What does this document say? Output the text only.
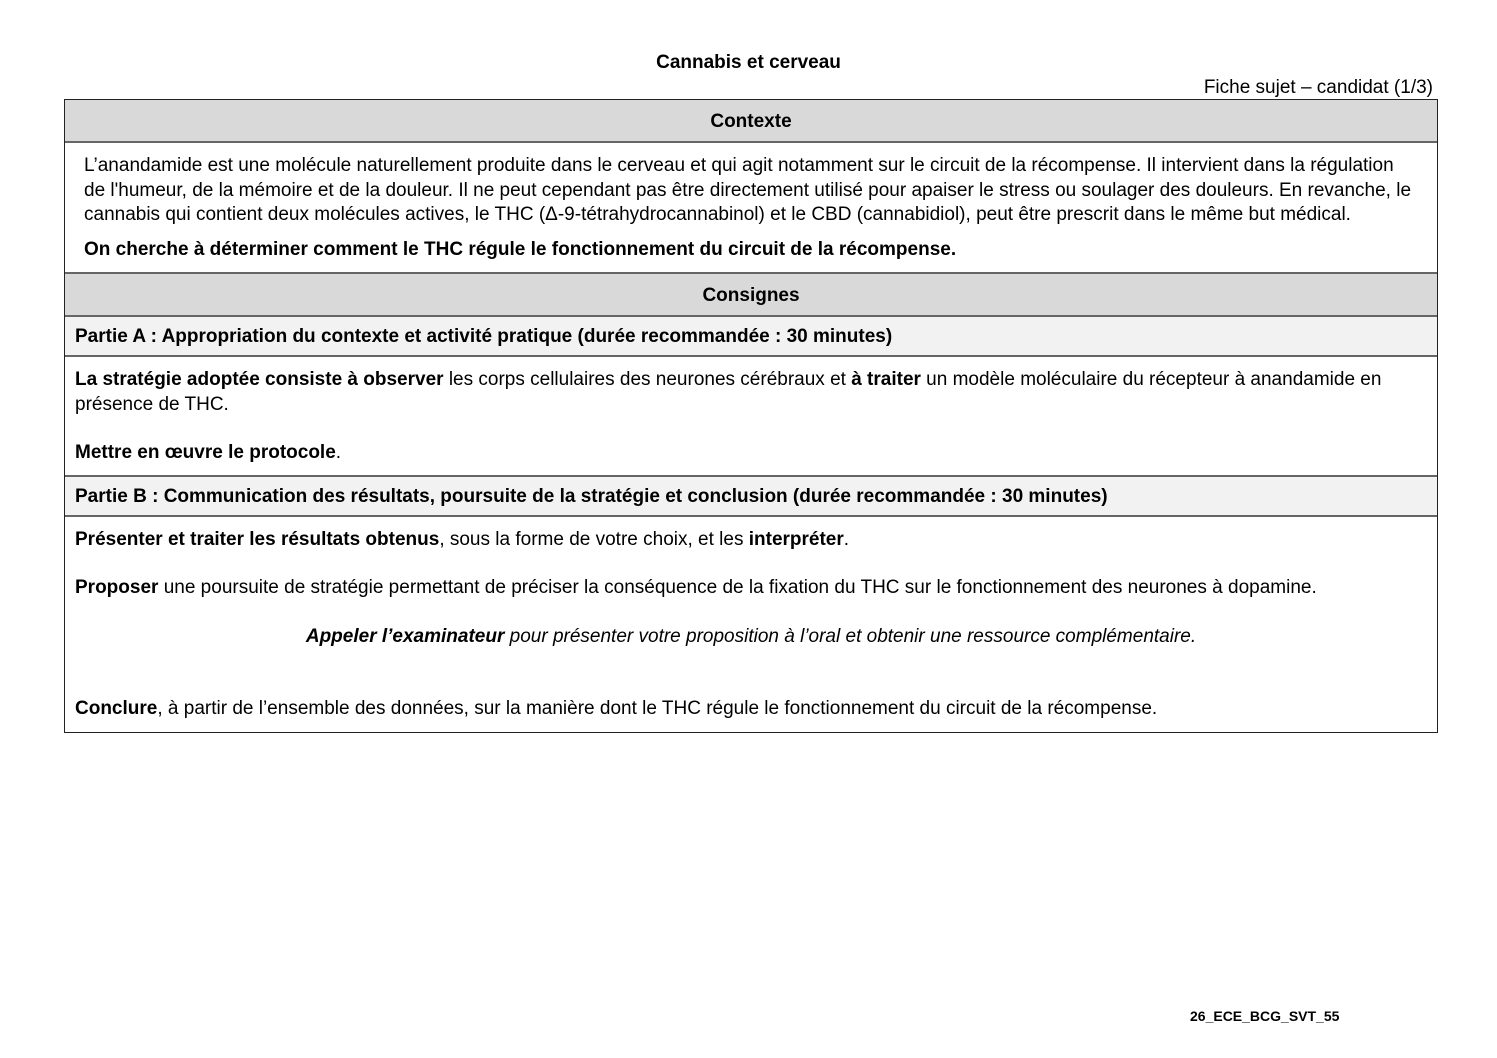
Cannabis et cerveau
Fiche sujet – candidat (1/3)
Contexte

L’anandamide est une molécule naturellement produite dans le cerveau et qui agit notamment sur le circuit de la récompense. Il intervient dans la régulation de l'humeur, de la mémoire et de la douleur. Il ne peut cependant pas être directement utilisé pour apaiser le stress ou soulager des douleurs. En revanche, le cannabis qui contient deux molécules actives, le THC (Δ-9-tétrahydrocannabinol) et le CBD (cannabidiol), peut être prescrit dans le même but médical.

On cherche à déterminer comment le THC régule le fonctionnement du circuit de la récompense.

Consignes
Partie A : Appropriation du contexte et activité pratique (durée recommandée : 30 minutes)

La stratégie adoptée consiste à observer les corps cellulaires des neurones cérébraux et à traiter un modèle moléculaire du récepteur à anandamide en présence de THC.

Mettre en œuvre le protocole.

Partie B : Communication des résultats, poursuite de la stratégie et conclusion (durée recommandée : 30 minutes)

Présenter et traiter les résultats obtenus, sous la forme de votre choix, et les interpréter.

Proposer une poursuite de stratégie permettant de préciser la conséquence de la fixation du THC sur le fonctionnement des neurones à dopamine.

Appeler l’examinateur pour présenter votre proposition à l’oral et obtenir une ressource complémentaire.

Conclure, à partir de l’ensemble des données, sur la manière dont le THC régule le fonctionnement du circuit de la récompense.

26_ECE_BCG_SVT_55
